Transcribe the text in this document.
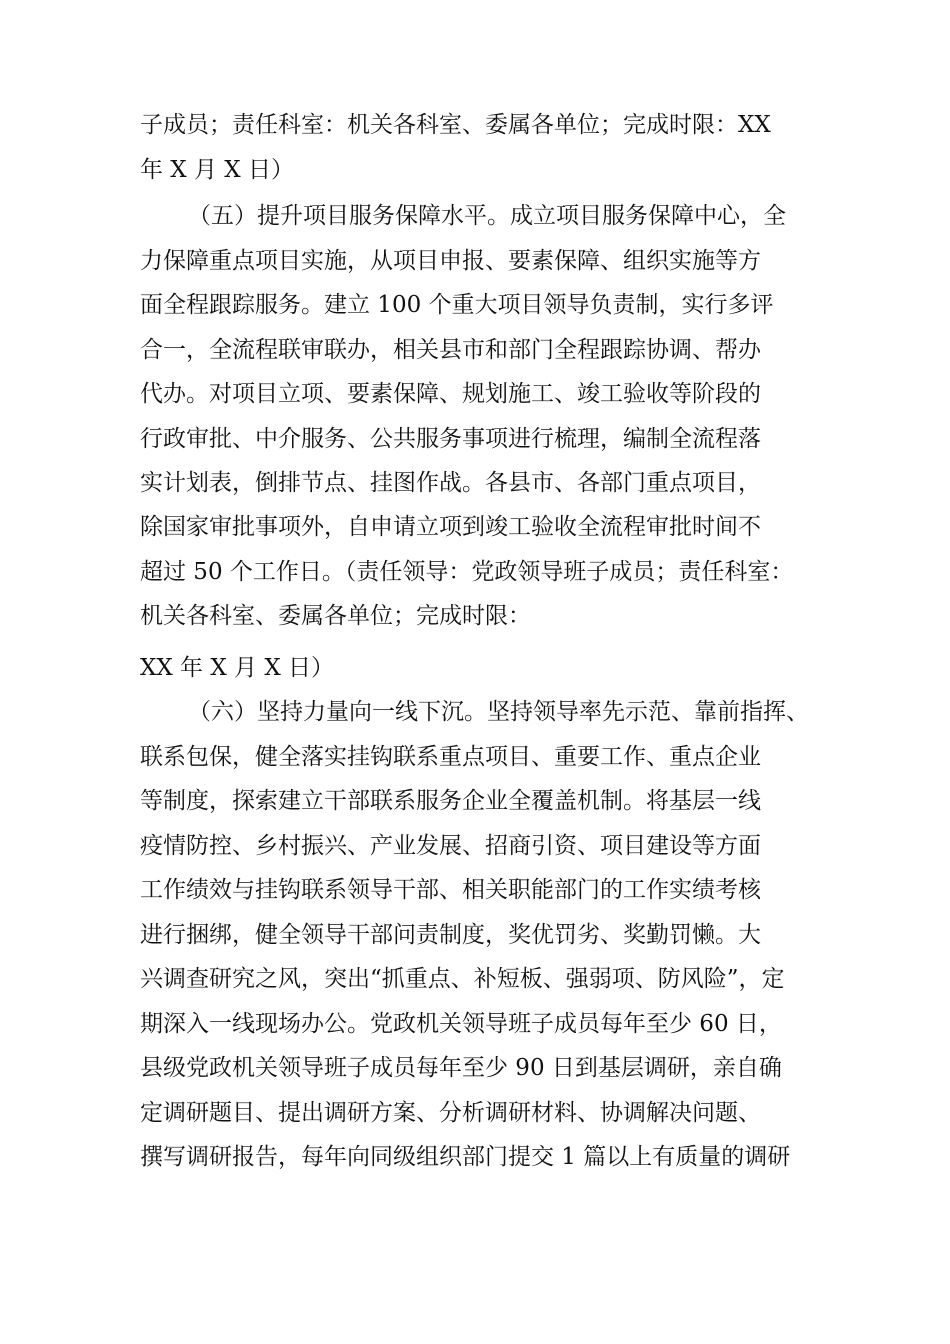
子成员；责任科室：机关各科室、委属各单位；完成时限：XX
年 X 月 X 日）
（五）提升项目服务保障水平。成立项目服务保障中心，全
力保障重点项目实施，从项目申报、要素保障、组织实施等方
面全程跟踪服务。建立 100 个重大项目领导负责制，实行多评
合一，全流程联审联办，相关县市和部门全程跟踪协调、帮办
代办。对项目立项、要素保障、规划施工、竣工验收等阶段的
行政审批、中介服务、公共服务事项进行梳理，编制全流程落
实计划表，倒排节点、挂图作战。各县市、各部门重点项目，
除国家审批事项外，自申请立项到竣工验收全流程审批时间不
超过 50 个工作日。（责任领导：党政领导班子成员；责任科室：
机关各科室、委属各单位；完成时限：
XX 年 X 月 X 日）
（六）坚持力量向一线下沉。坚持领导率先示范、靠前指挥、
联系包保，健全落实挂钩联系重点项目、重要工作、重点企业
等制度，探索建立干部联系服务企业全覆盖机制。将基层一线
疫情防控、乡村振兴、产业发展、招商引资、项目建设等方面
工作绩效与挂钩联系领导干部、相关职能部门的工作实绩考核
进行捆绑，健全领导干部问责制度，奖优罚劣、奖勤罚懒。大
兴调查研究之风，突出“抓重点、补短板、强弱项、防风险”，定
期深入一线现场办公。党政机关领导班子成员每年至少 60 日，
县级党政机关领导班子成员每年至少 90 日到基层调研，亲自确
定调研题目、提出调研方案、分析调研材料、协调解决问题、
撰写调研报告，每年向同级组织部门提交 1 篇以上有质量的调研
